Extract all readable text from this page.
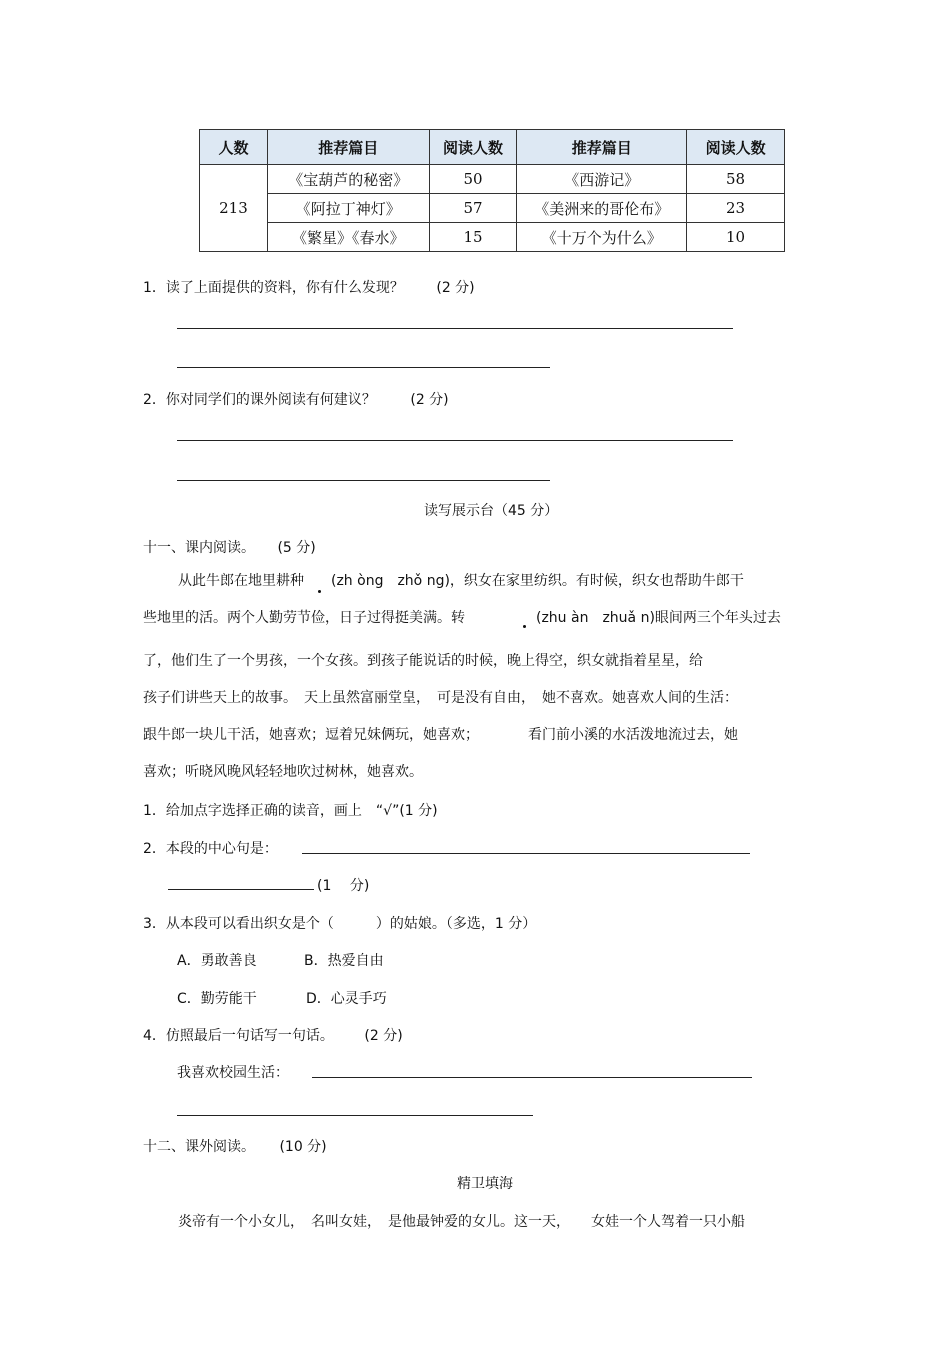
人数	推荐篇目	阅读人数	推荐篇目	阅读人数
213	《宝葫芦的秘密》	50	《西游记》	58
	《阿拉丁神灯》	57	《美洲来的哥伦布》	23
	《繁星》《春水》	15	《十万个为什么》	10
1．读了上面提供的资料，你有什么发现？ (2 分)
2．你对同学们的课外阅读有何建议？ (2 分)
读写展示台（45 分）
十一、课内阅读。 (5 分)
从此牛郎在地里耕种 (zh òng　zhǒ ng)，织女在家里纺织。有时候，织女也帮助牛郎干
些地里的活。两个人勤劳节俭，日子过得挺美满。转	(zhu àn　zhuǎ n)眼间两三个年头过去
了，他们生了一个男孩，一个女孩。到孩子能说话的时候，晚上得空，织女就指着星星，给
孩子们讲些天上的故事。　天上虽然富丽堂皇，　可是没有自由，　她不喜欢。她喜欢人间的生活：
跟牛郎一块儿干活，她喜欢；逗着兄妹俩玩，她喜欢；　　　　看门前小溪的水活泼地流过去，她
喜欢；听晓风晚风轻轻地吹过树林，她喜欢。
1．给加点字选择正确的读音，画上　“√”(1 分)
2．本段的中心句是：
(1　 分)
3．从本段可以看出织女是个（　　　）的姑娘。（多选，1 分）
A．勇敢善良	B．热爱自由
C．勤劳能干	D．心灵手巧
4．仿照最后一句话写一句话。 (2 分)
我喜欢校园生活：
十二、课外阅读。 (10 分)
精卫填海
炎帝有一个小女儿，　名叫女娃，　是他最钟爱的女儿。这一天，　　女娃一个人驾着一只小船
